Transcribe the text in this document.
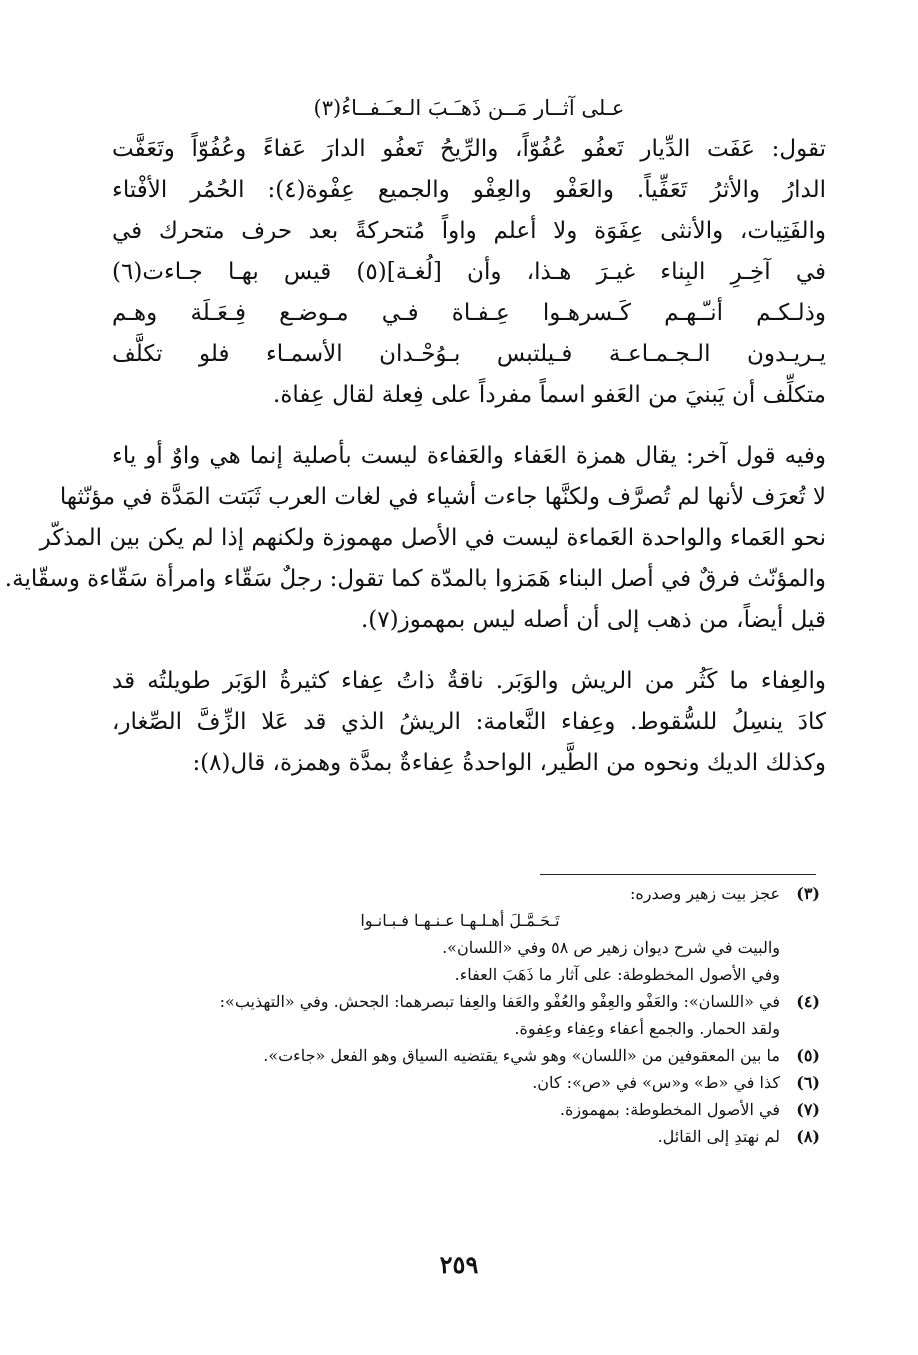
عـلى آثــار مَــن ذَهـَـبَ الـعـَـفــاءُ(٣)
تقول: عَفَت الدِّيار تَعفُو عُفُوّاً، والرِّيحُ تَعفُو الدارَ عَفاءً وعُفُوّاً وتَعَفَّت
الدارُ والأثرُ تَعَفِّياً. والعَفْو والعِفْو والجميع عِفْوة(٤): الحُمُر الأفْتاء
والفَتِيات، والأنثى عِفَوَة ولا أعلم واواً مُتحركةً بعد حرف متحرك في
في آخِـرِ البِناء غيـرَ هـذا، وأن [لُغـة](٥) قيس بهـا جـاءت(٦)
وذلـكـم أنـّـهـم كَـسرهـوا عِـفـاة فـي مـوضـع فِـعَـلَة وهـم
يـريـدون الـجـمـاعـة فـيلتبس بـوُحْـدان الأسمـاء فلو تكلَّف
متكلِّف أن يَبنيَ من العَفو اسماً مفرداً على فِعلة لقال عِفاة.
وفيه قول آخر: يقال همزة العَفاء والعَفاءة ليست بأصلية إنما هي واوٌ أو ياء
لا تُعرَف لأنها لم تُصرَّف ولكنَّها جاءت أشياء في لغات العرب ثَبَتت المَدَّة في مؤنّثها
نحو العَماء والواحدة العَماءة ليست في الأصل مهموزة ولكنهم إذا لم يكن بين المذكّر
والمؤنّث فرقٌ في أصل البناء هَمَزوا بالمدّة كما تقول: رجلٌ سَقّاء وامرأة سَقّاءة وسقّاية.
قيل أيضاً، من ذهب إلى أن أصله ليس بمهموز(٧).
والعِفاء ما كَثُر من الريش والوَبَر. ناقةٌ ذاتُ عِفاء كثيرةُ الوَبَر طويلتُه قد
كادَ ينسِلُ للسُّقوط. وعِفاء النَّعامة: الريشُ الذي قد عَلا الزِّفَّ الصِّغار،
وكذلك الديك ونحوه من الطَّير، الواحدةُ عِفاءةٌ بمدَّة وهمزة، قال(٨):
(٣)
عجز بيت زهير وصدره:
تَـحَـمَّـلَ أهـلـهـا عـنـهـا فـبـانـوا
والبيت في شرح ديوان زهير ص ٥٨ وفي «اللسان».
وفي الأصول المخطوطة: على آثار ما ذَهَبَ العفاء.
(٤)
في «اللسان»: والعَفْو والعِفْو والعُفْو والعَفا والعِفا تبصرهما: الجحش. وفي «التهذيب»:
ولقد الحمار. والجمع أعفاء وعِفاء وعِفوة.
(٥)
ما بين المعقوفين من «اللسان» وهو شيء يقتضيه السياق وهو الفعل «جاءت».
(٦)
كذا في «ط» و«س» في «ص»: كان.
(٧)
في الأصول المخطوطة: بمهموزة.
(٨)
لم نهتدِ إلى القائل.
٢٥٩
